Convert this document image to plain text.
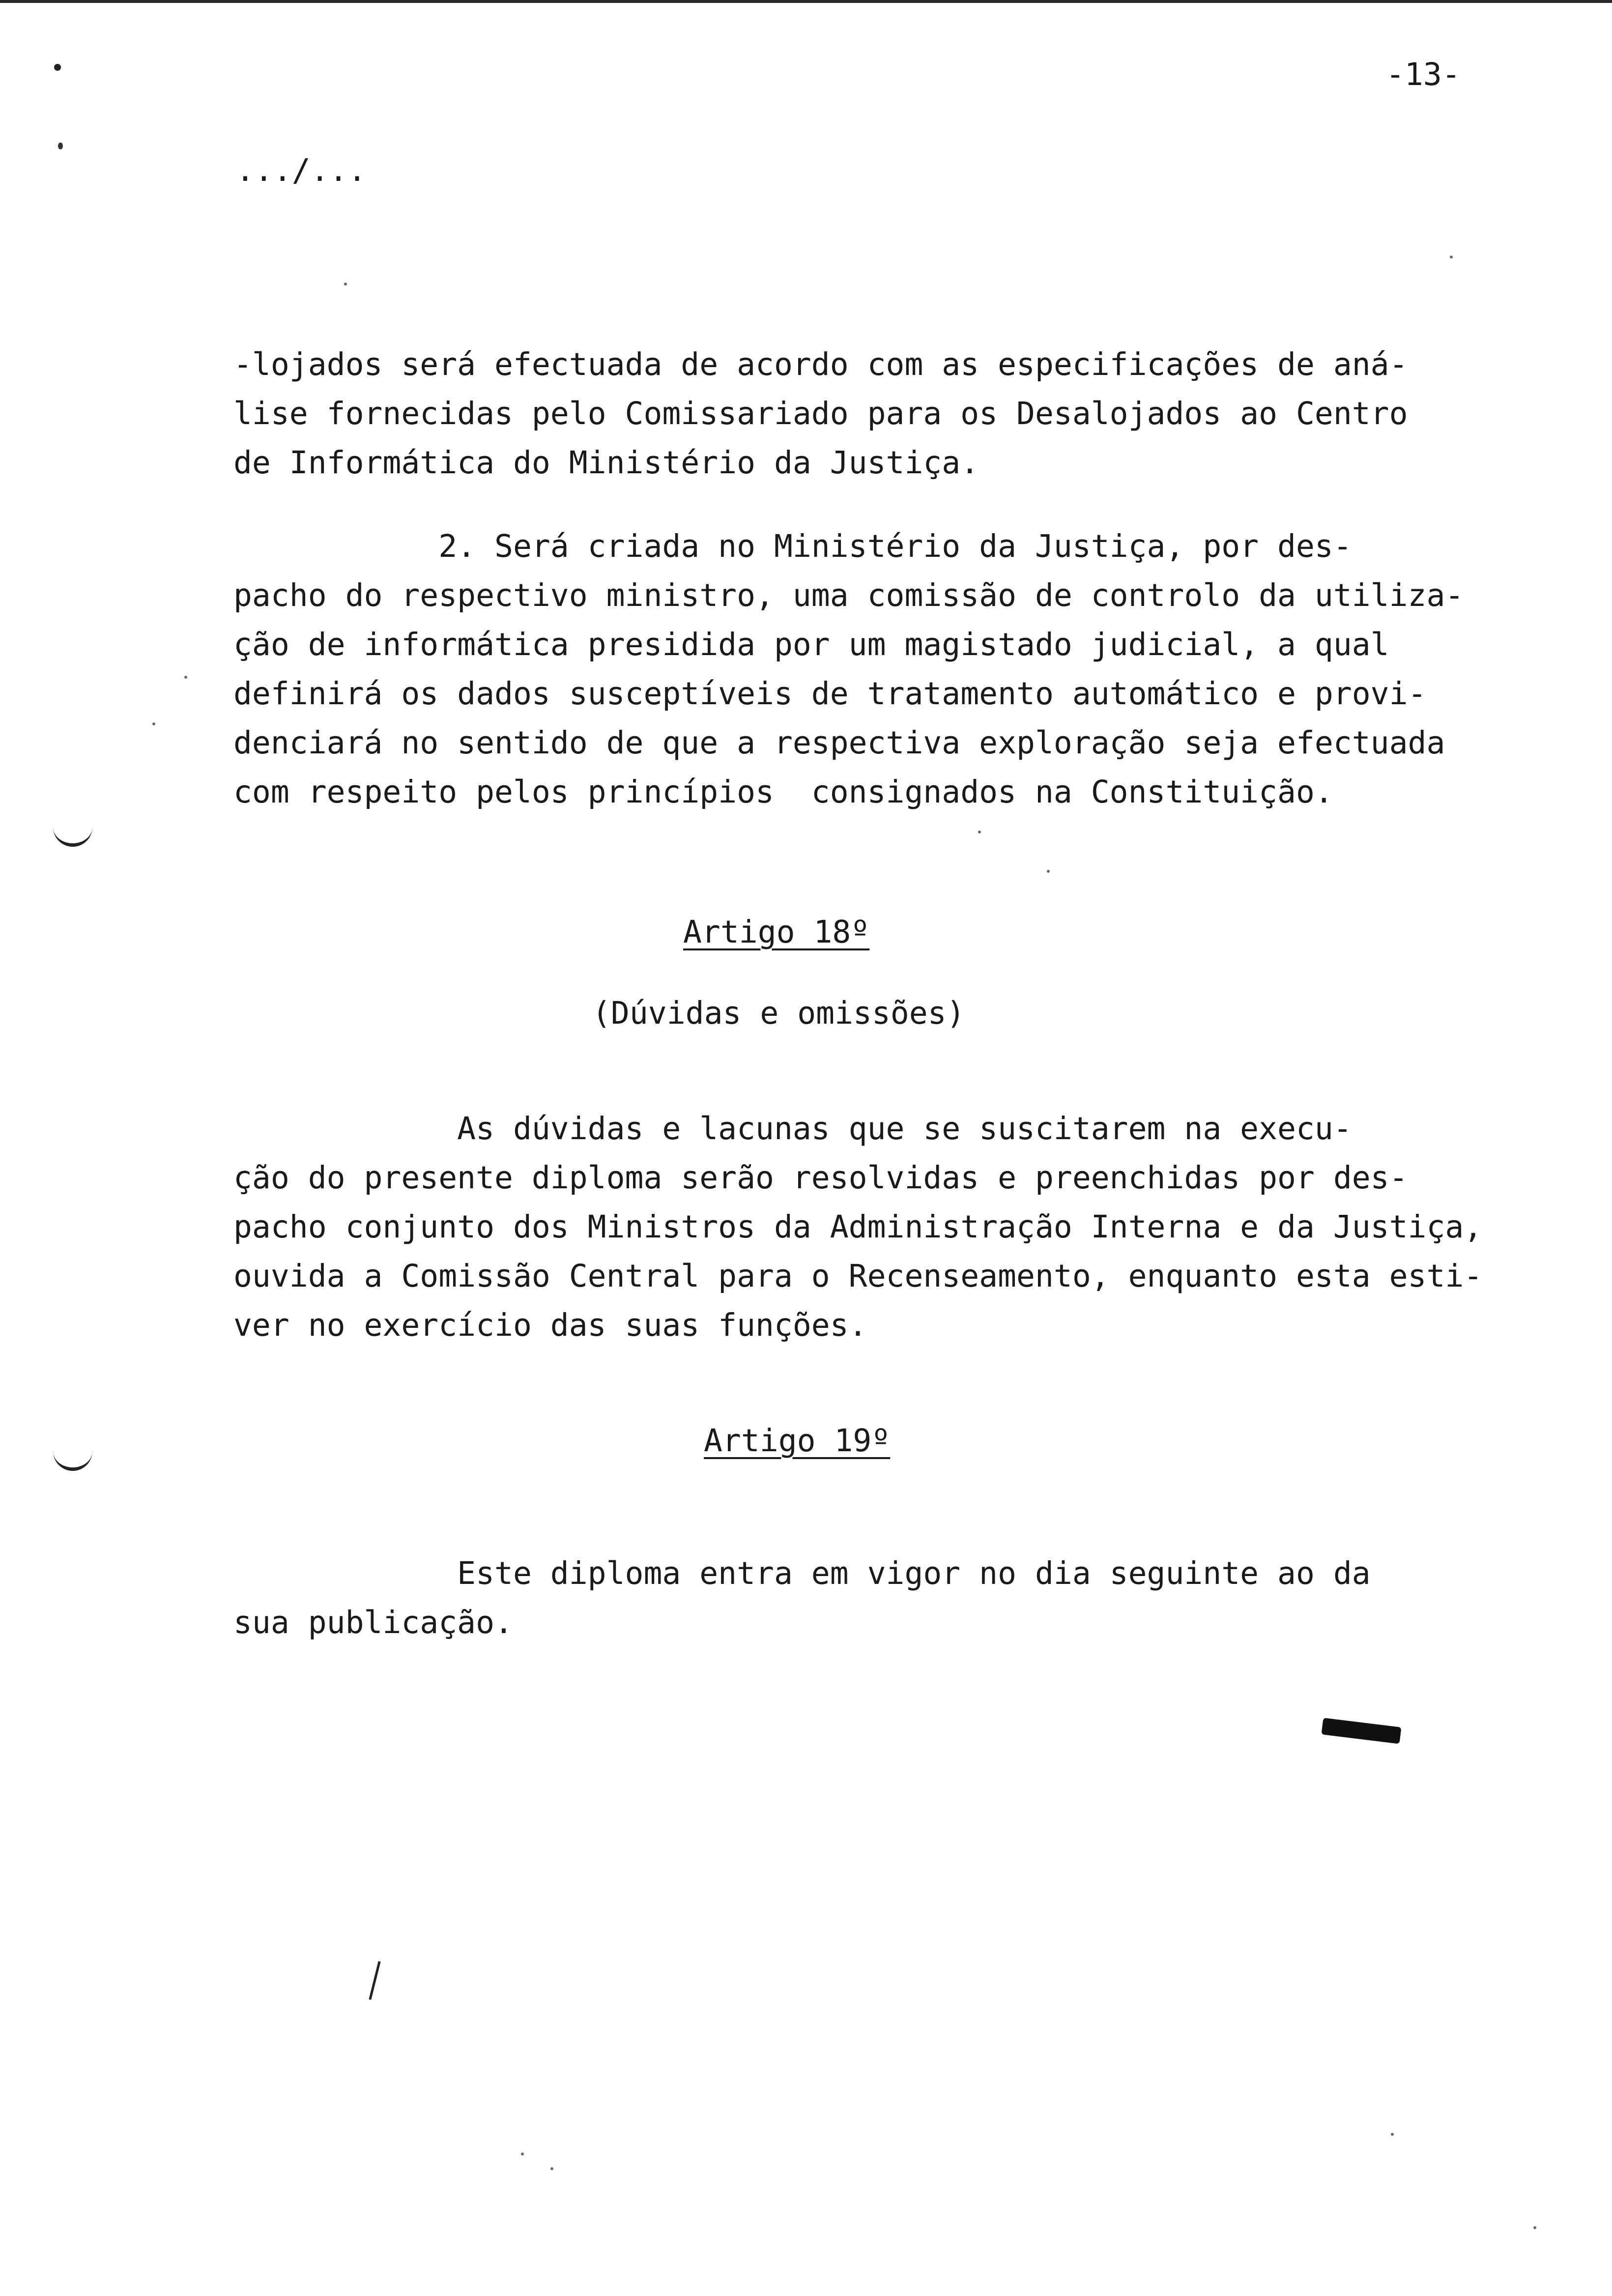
-13-
.../...
-lojados será efectuada de acordo com as especificações de aná-
lise fornecidas pelo Comissariado para os Desalojados ao Centro
de Informática do Ministério da Justiça.
2. Será criada no Ministério da Justiça, por des-
pacho do respectivo ministro, uma comissão de controlo da utiliza-
ção de informática presidida por um magistado judicial, a qual
definirá os dados susceptíveis de tratamento automático e provi-
denciará no sentido de que a respectiva exploração seja efectuada
com respeito pelos princípios  consignados na Constituição.
Artigo 18º
(Dúvidas e omissões)
As dúvidas e lacunas que se suscitarem na execu-
ção do presente diploma serão resolvidas e preenchidas por des-
pacho conjunto dos Ministros da Administração Interna e da Justiça,
ouvida a Comissão Central para o Recenseamento, enquanto esta esti-
ver no exercício das suas funções.
Artigo 19º
Este diploma entra em vigor no dia seguinte ao da
sua publicação.
